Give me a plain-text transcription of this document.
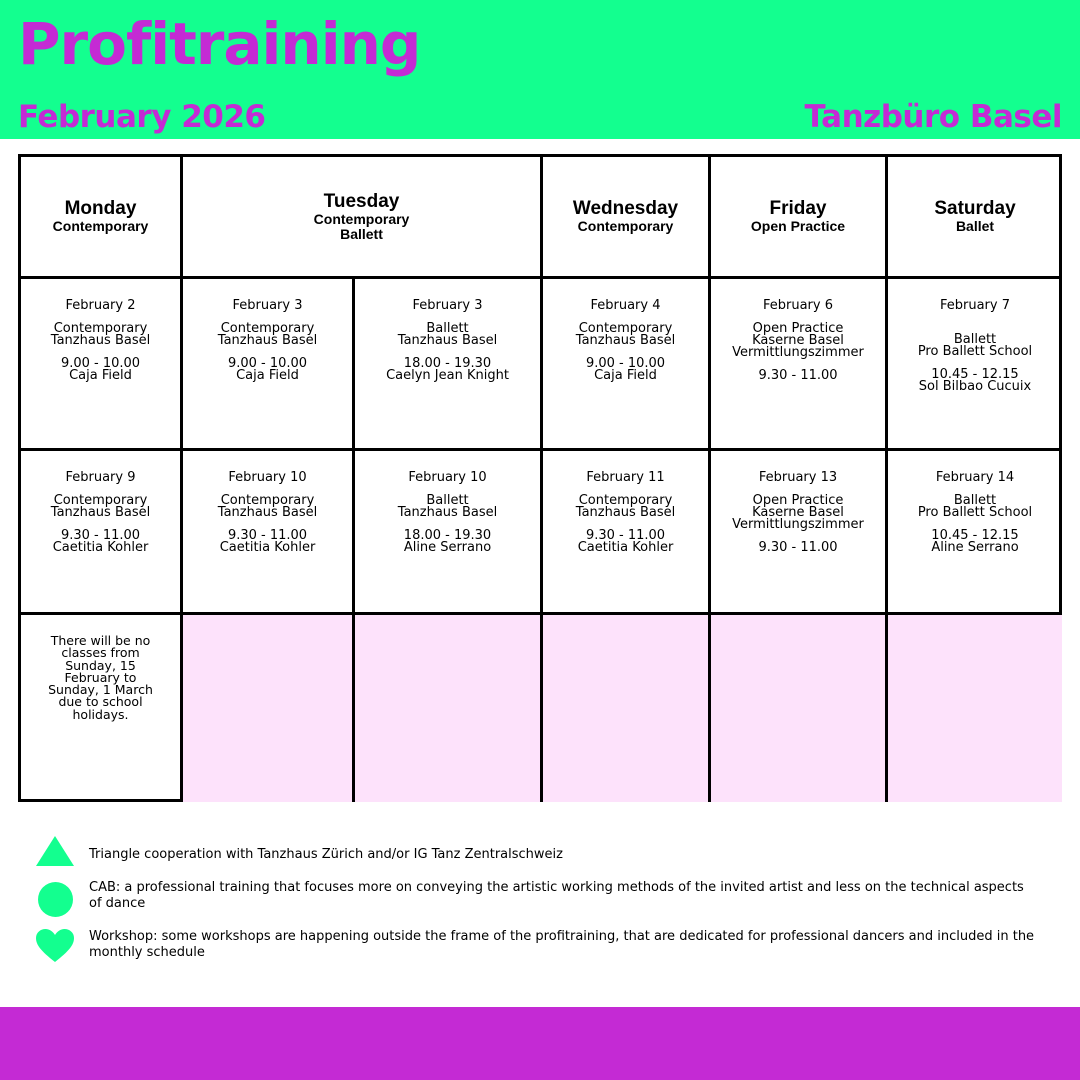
Profitraining
February 2026	Tanzbüro Basel
Monday
Contemporary
Tuesday
Contemporary
Ballett
Wednesday
Contemporary
Friday
Open Practice
Saturday
Ballet
There will be no classes from Sunday, 15 February to Sunday, 1 March due to school holidays.
February 2
Contemporary
Tanzhaus Basel
9.00 - 10.00
Caja Field
February 3
Contemporary
Tanzhaus Basel
9.00 - 10.00
Caja Field
February 3
Ballett
Tanzhaus Basel
18.00 - 19.30
Caelyn Jean Knight
February 4
Contemporary
Tanzhaus Basel
9.00 - 10.00
Caja Field
February 6
Open Practice
Kaserne Basel
Vermittlungszimmer
9.30 - 11.00
February 7
Ballett
Pro Ballett School
10.45 - 12.15
Sol Bilbao Cucuix
February 9
Contemporary
Tanzhaus Basel
9.30 - 11.00
Caetitia Kohler
February 10
Contemporary
Tanzhaus Basel
9.30 - 11.00
Caetitia Kohler
February 10
Ballett
Tanzhaus Basel
18.00 - 19.30
Aline Serrano
February 11
Contemporary
Tanzhaus Basel
9.30 - 11.00
Caetitia Kohler
February 13
Open Practice
Kaserne Basel
Vermittlungszimmer
9.30 - 11.00
February 14
Ballett
Pro Ballett School
10.45 - 12.15
Aline Serrano
Triangle cooperation with Tanzhaus Zürich and/or IG Tanz Zentralschweiz
CAB: a professional training that focuses more on conveying the artistic working methods of the invited artist and less on the technical aspects of dance
Workshop: some workshops are happening outside the frame of the profitraining, that are dedicated for professional dancers and included in the monthly schedule
